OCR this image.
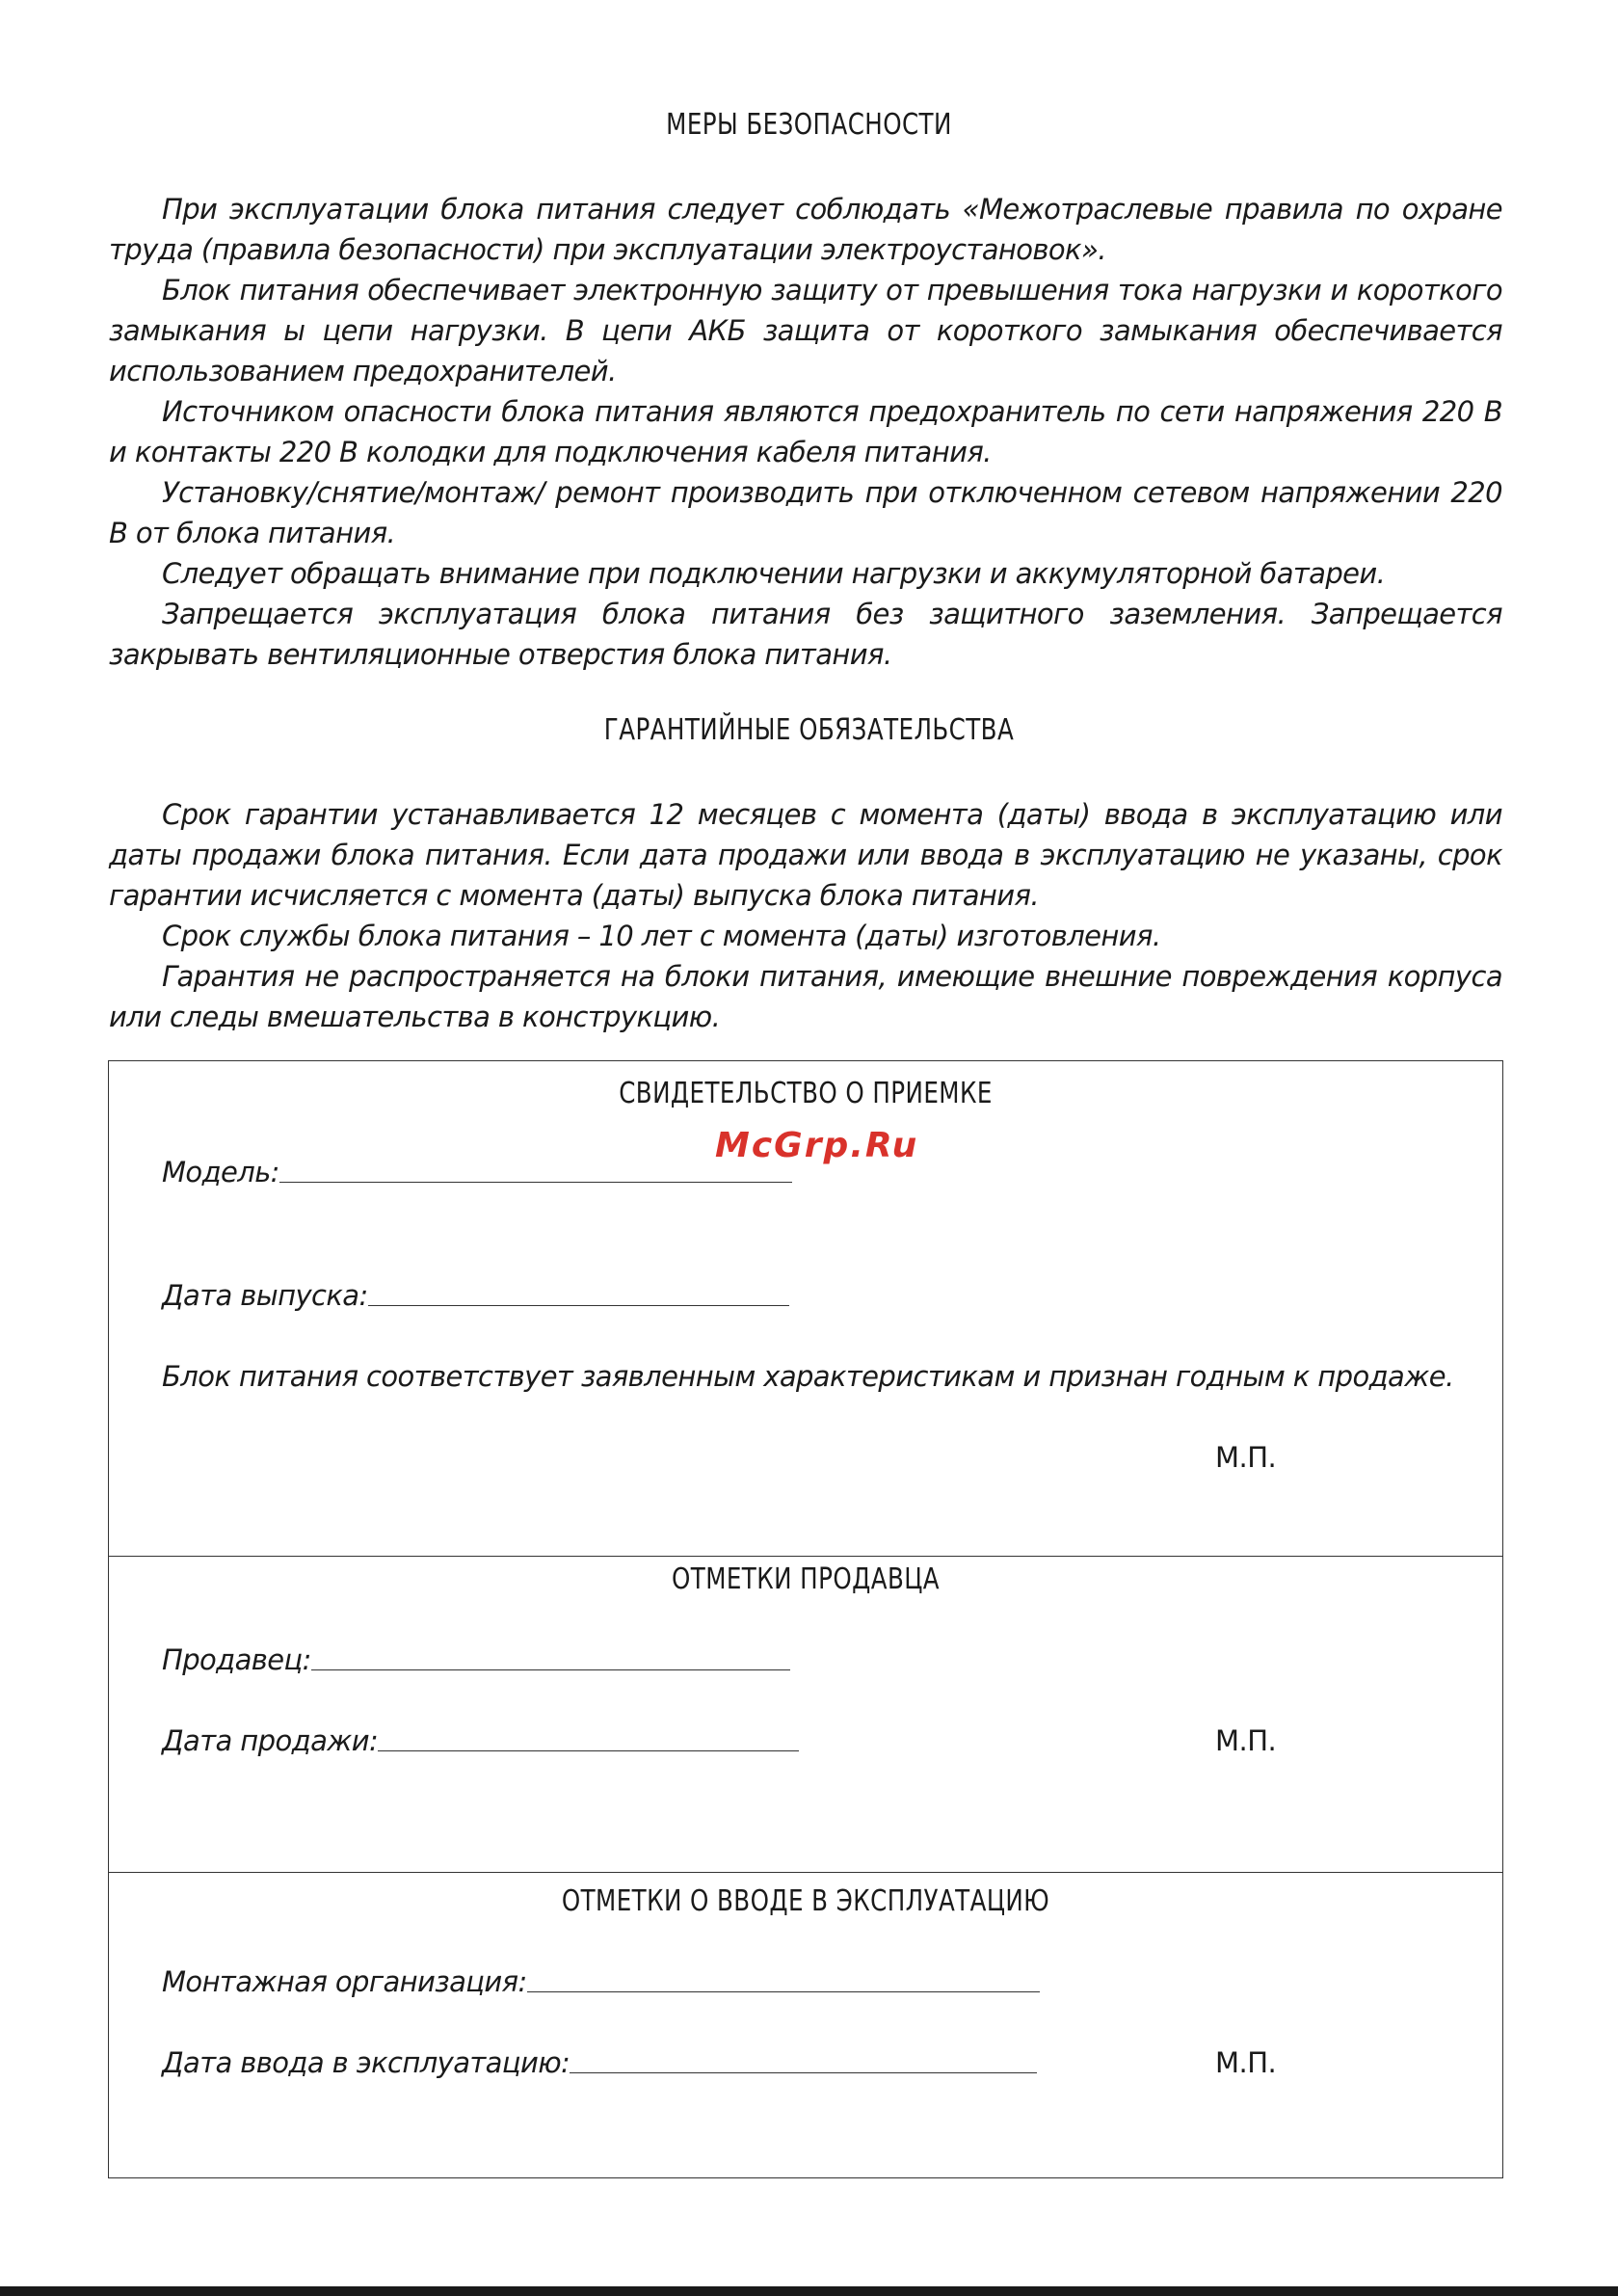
МЕРЫ БЕЗОПАСНОСТИ

При эксплуатации блока питания следует соблюдать «Межотраслевые правила по охране труда (правила безопасности) при эксплуатации электроустановок».

Блок питания обеспечивает электронную защиту от превышения тока нагрузки и короткого замыкания ы цепи нагрузки. В цепи АКБ защита от короткого замыкания обеспечивается использованием предохранителей.

Источником опасности блока питания являются предохранитель по сети напряжения 220 В и контакты 220 В колодки для подключения кабеля питания.

Установку/снятие/монтаж/ ремонт производить при отключенном сетевом напряжении 220 В от блока питания.

Следует обращать внимание при подключении нагрузки и аккумуляторной батареи.

Запрещается эксплуатация блока питания без защитного заземления. Запрещается закрывать вентиляционные отверстия блока питания.

ГАРАНТИЙНЫЕ ОБЯЗАТЕЛЬСТВА

Срок гарантии устанавливается 12 месяцев с момента (даты) ввода в эксплуатацию или даты продажи блока питания. Если дата продажи или ввода в эксплуатацию не указаны, срок гарантии исчисляется с момента (даты) выпуска блока питания.

Срок службы блока питания – 10 лет с момента (даты) изготовления.

Гарантия не распространяется на блоки питания, имеющие внешние повреждения корпуса или следы вмешательства в конструкцию.

СВИДЕТЕЛЬСТВО О ПРИЕМКЕ
Модель:
Дата выпуска:
Блок питания соответствует заявленным характеристикам и признан годным к продаже.
М.П.
ОТМЕТКИ ПРОДАВЦА
Продавец:
Дата продажи:	М.П.
ОТМЕТКИ О ВВОДЕ В ЭКСПЛУАТАЦИЮ
Монтажная организация:
Дата ввода в эксплуатацию:	М.П.
McGrp.Ru
